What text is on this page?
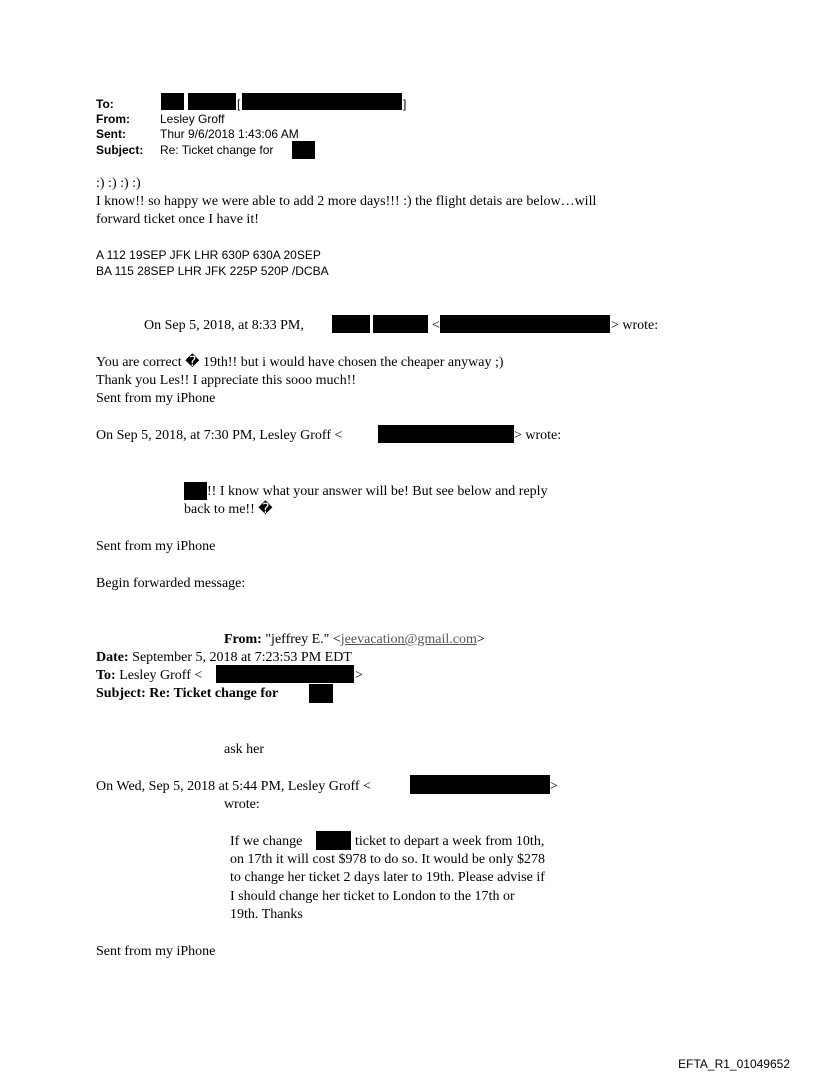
To:	[	]
From:	Lesley Groff
Sent:	Thur 9/6/2018 1:43:06 AM
Subject: Re: Ticket change for
:) :) :) :)
I know!! so happy we were able to add 2 more days!!! :) the flight detais are below…will
forward ticket once I have it!
A 112 19SEP JFK LHR 630P 630A 20SEP
BA 115 28SEP LHR JFK 225P 520P /DCBA
On Sep 5, 2018, at 8:33 PM,	<	> wrote:
You are correct � 19th!! but i would have chosen the cheaper anyway ;)
Thank you Les!! I appreciate this sooo much!!
Sent from my iPhone
On Sep 5, 2018, at 7:30 PM, Lesley Groff <	> wrote:
!! I know what your answer will be! But see below and reply
back to me!! �
Sent from my iPhone
Begin forwarded message:
From: "jeffrey E." <jeevacation@gmail.com>
Date: September 5, 2018 at 7:23:53 PM EDT
To: Lesley Groff <	>
Subject: Re: Ticket change for
ask her
On Wed, Sep 5, 2018 at 5:44 PM, Lesley Groff <	>
wrote:
If we change	ticket to depart a week from 10th,
on 17th it will cost $978 to do so. It would be only $278
to change her ticket 2 days later to 19th. Please advise if
I should change her ticket to London to the 17th or
19th. Thanks
Sent from my iPhone
EFTA_R1_01049652
